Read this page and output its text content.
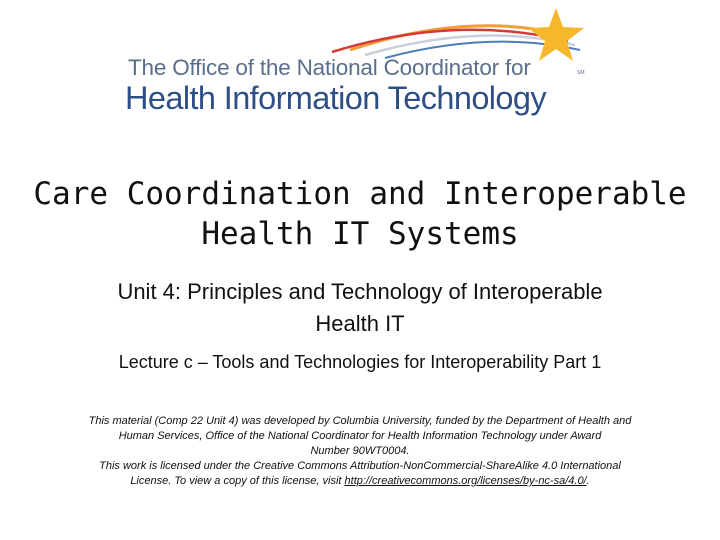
The Office of the National Coordinator for
Health Information Technology
SM
Care Coordination and Interoperable
Health IT Systems
Unit 4: Principles and Technology of Interoperable
Health IT
Lecture c – Tools and Technologies for Interoperability Part 1
This material (Comp 22 Unit 4) was developed by Columbia University, funded by the Department of Health and
Human Services, Office of the National Coordinator for Health Information Technology under Award
Number 90WT0004.
This work is licensed under the Creative Commons Attribution-NonCommercial-ShareAlike 4.0 International
License. To view a copy of this license, visit http://creativecommons.org/licenses/by-nc-sa/4.0/.
